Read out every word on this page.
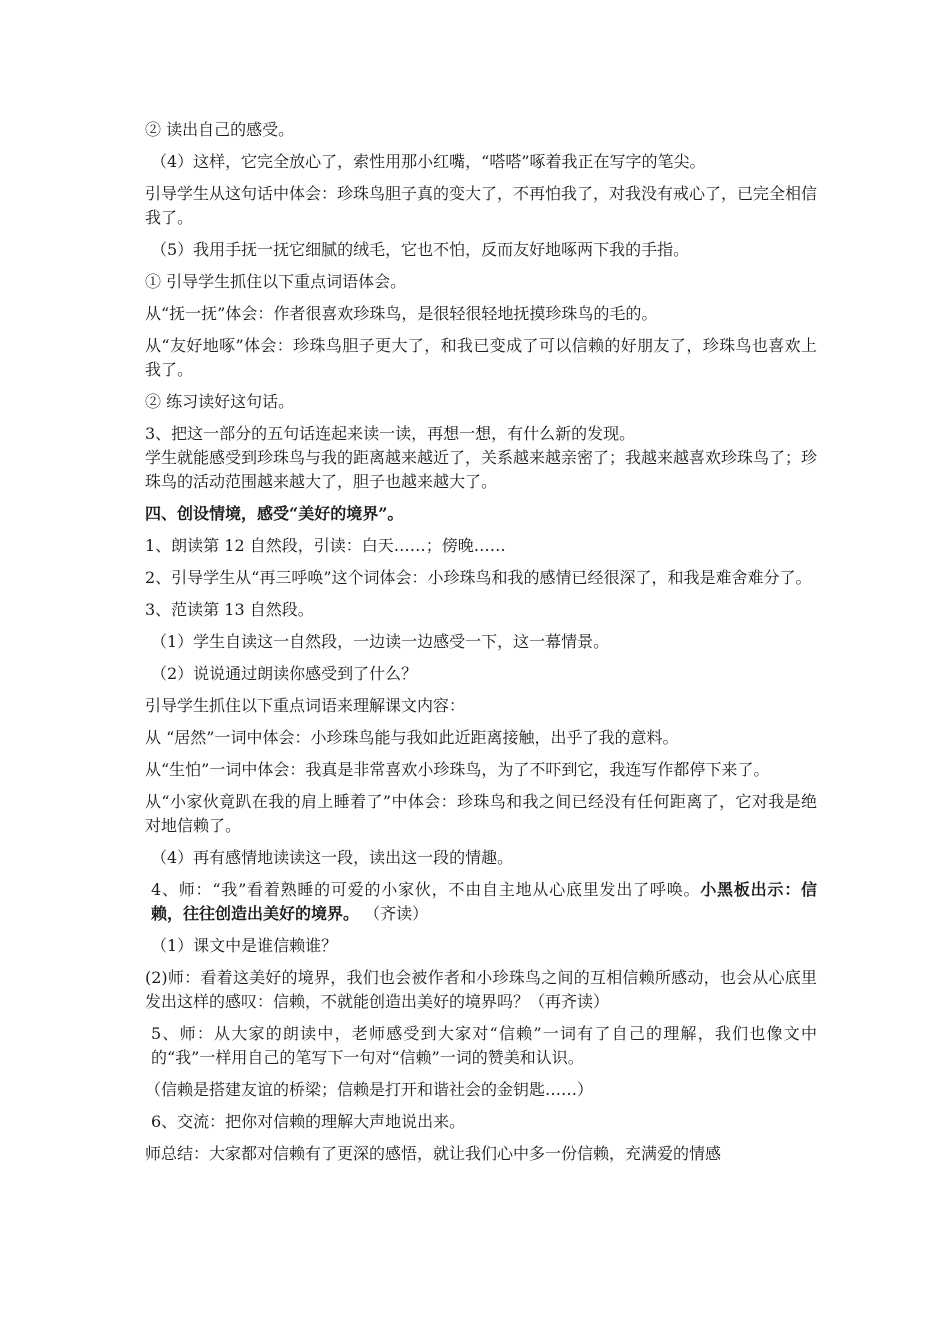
② 读出自己的感受。

（4）这样，它完全放心了，索性用那小红嘴，“嗒嗒”啄着我正在写字的笔尖。

引导学生从这句话中体会：珍珠鸟胆子真的变大了，不再怕我了，对我没有戒心了，已完全相信我了。

（5）我用手抚一抚它细腻的绒毛，它也不怕，反而友好地啄两下我的手指。

① 引导学生抓住以下重点词语体会。

从“抚一抚”体会：作者很喜欢珍珠鸟，是很轻很轻地抚摸珍珠鸟的毛的。

从“友好地啄”体会：珍珠鸟胆子更大了，和我已变成了可以信赖的好朋友了，珍珠鸟也喜欢上我了。

② 练习读好这句话。

3、把这一部分的五句话连起来读一读，再想一想，有什么新的发现。

学生就能感受到珍珠鸟与我的距离越来越近了，关系越来越亲密了；我越来越喜欢珍珠鸟了；珍珠鸟的活动范围越来越大了，胆子也越来越大了。

四、创设情境，感受“美好的境界”。

1、朗读第 12 自然段，引读：白天……；傍晚……

2、引导学生从“再三呼唤”这个词体会：小珍珠鸟和我的感情已经很深了，和我是难舍难分了。

3、范读第 13 自然段。

（1）学生自读这一自然段，一边读一边感受一下，这一幕情景。

（2）说说通过朗读你感受到了什么？

引导学生抓住以下重点词语来理解课文内容：

从 “居然”一词中体会：小珍珠鸟能与我如此近距离接触，出乎了我的意料。

从“生怕”一词中体会：我真是非常喜欢小珍珠鸟，为了不吓到它，我连写作都停下来了。

从“小家伙竟趴在我的肩上睡着了”中体会：珍珠鸟和我之间已经没有任何距离了，它对我是绝对地信赖了。

（4）再有感情地读读这一段，读出这一段的情趣。

4、师：“我”看着熟睡的可爱的小家伙，不由自主地从心底里发出了呼唤。小黑板出示：信赖，往往创造出美好的境界。 （齐读）

（1）课文中是谁信赖谁？

(2)师：看着这美好的境界，我们也会被作者和小珍珠鸟之间的互相信赖所感动，也会从心底里发出这样的感叹：信赖，不就能创造出美好的境界吗？（再齐读）

5、师：从大家的朗读中，老师感受到大家对“信赖”一词有了自己的理解，我们也像文中的“我”一样用自己的笔写下一句对“信赖”一词的赞美和认识。

（信赖是搭建友谊的桥梁；信赖是打开和谐社会的金钥匙……）

6、交流：把你对信赖的理解大声地说出来。

师总结：大家都对信赖有了更深的感悟，就让我们心中多一份信赖，充满爱的情感
